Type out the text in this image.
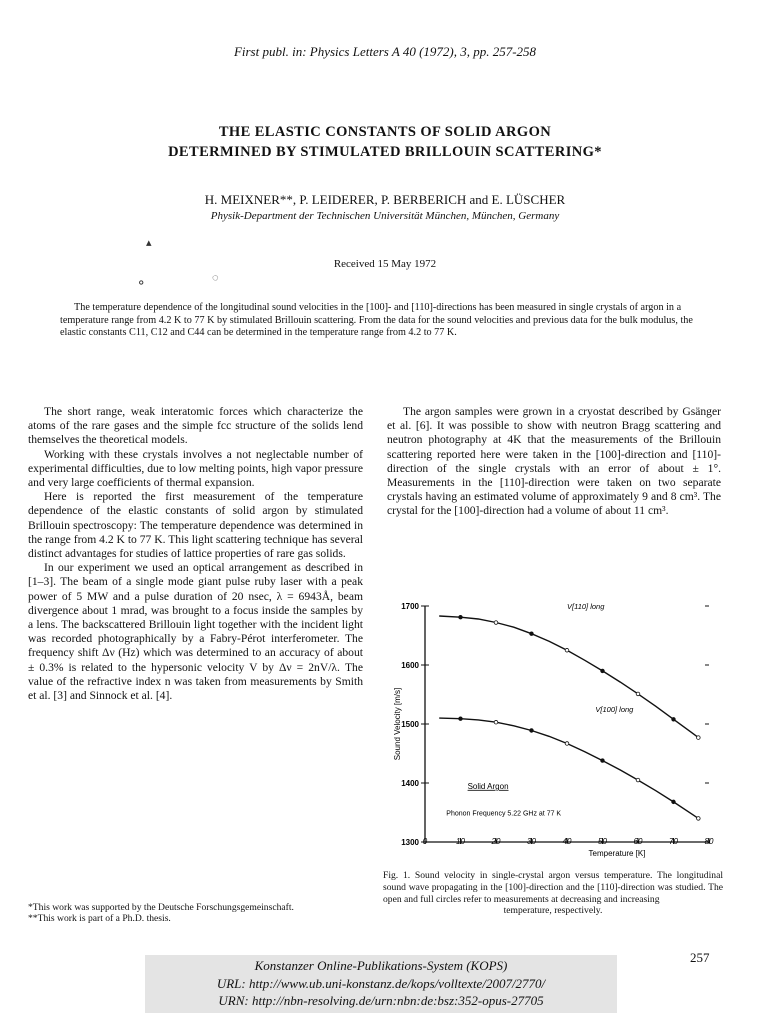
First publ. in: Physics Letters A 40 (1972), 3, pp. 257-258
THE ELASTIC CONSTANTS OF SOLID ARGON
DETERMINED BY STIMULATED BRILLOUIN SCATTERING*
H. MEIXNER**, P. LEIDERER, P. BERBERICH and E. LÜSCHER
Physik-Department der Technischen Universität München, München, Germany
Received 15 May 1972
▴
ᐤ	◌

The temperature dependence of the longitudinal sound velocities in the [100]- and [110]-directions has been measured in single crystals of argon in a temperature range from 4.2 K to 77 K by stimulated Brillouin scattering. From the data for the sound velocities and previous data for the bulk modulus, the elastic constants C11, C12 and C44 can be determined in the temperature range from 4.2 to 77 K.

The short range, weak interatomic forces which characterize the atoms of the rare gases and the simple fcc structure of the solids lend themselves the theoretical models.

Working with these crystals involves a not neglectable number of experimental difficulties, due to low melting points, high vapor pressure and very large coefficients of thermal expansion.

Here is reported the first measurement of the temperature dependence of the elastic constants of solid argon by stimulated Brillouin spectroscopy: The temperature dependence was determined in the range from 4.2 K to 77 K. This light scattering technique has several distinct advantages for studies of lattice properties of rare gas solids.

In our experiment we used an optical arrangement as described in [1–3]. The beam of a single mode giant pulse ruby laser with a peak power of 5 MW and a pulse duration of 20 nsec, λ = 6943Å, beam divergence about 1 mrad, was brought to a focus inside the samples by a lens. The backscattered Brillouin light together with the incident light was recorded photographically by a Fabry-Pérot interferometer. The frequency shift Δν (Hz) which was determined to an accuracy of about ± 0.3% is related to the hypersonic velocity V by Δν = 2nV/λ. The value of the refractive index n was taken from measurements by Smith et al. [3] and Sinnock et al. [4].

The argon samples were grown in a cryostat described by Gsänger et al. [6]. It was possible to show with neutron Bragg scattering and neutron photography at 4K that the measurements of the Brillouin scattering reported here were taken in the [100]-direction and [110]-direction of the single crystals with an error of about ± 1°. Measurements in the [110]-direction were taken on two separate crystals having an estimated volume of approximately 9 and 8 cm³. The crystal for the [100]-direction had a volume of about 11 cm³.

1300
1400
1500
1600
1700
0	10	20	30	40	50	60	70	80
Temperature [K]
Sound Velocity [m/s]
V[110] long
V[100] long
Solid Argon
Phonon Frequency 5.22 GHz at 77 K

Fig. 1. Sound velocity in single-crystal argon versus temperature. The longitudinal sound wave propagating in the [100]-direction and the [110]-direction was studied. The open and full circles refer to measurements at decreasing and increasing

temperature, respectively.

*This work was supported by the Deutsche Forschungsgemeinschaft.

**This work is part of a Ph.D. thesis.

257
Konstanzer Online-Publikations-System (KOPS)
URL: http://www.ub.uni-konstanz.de/kops/volltexte/2007/2770/
URN: http://nbn-resolving.de/urn:nbn:de:bsz:352-opus-27705
